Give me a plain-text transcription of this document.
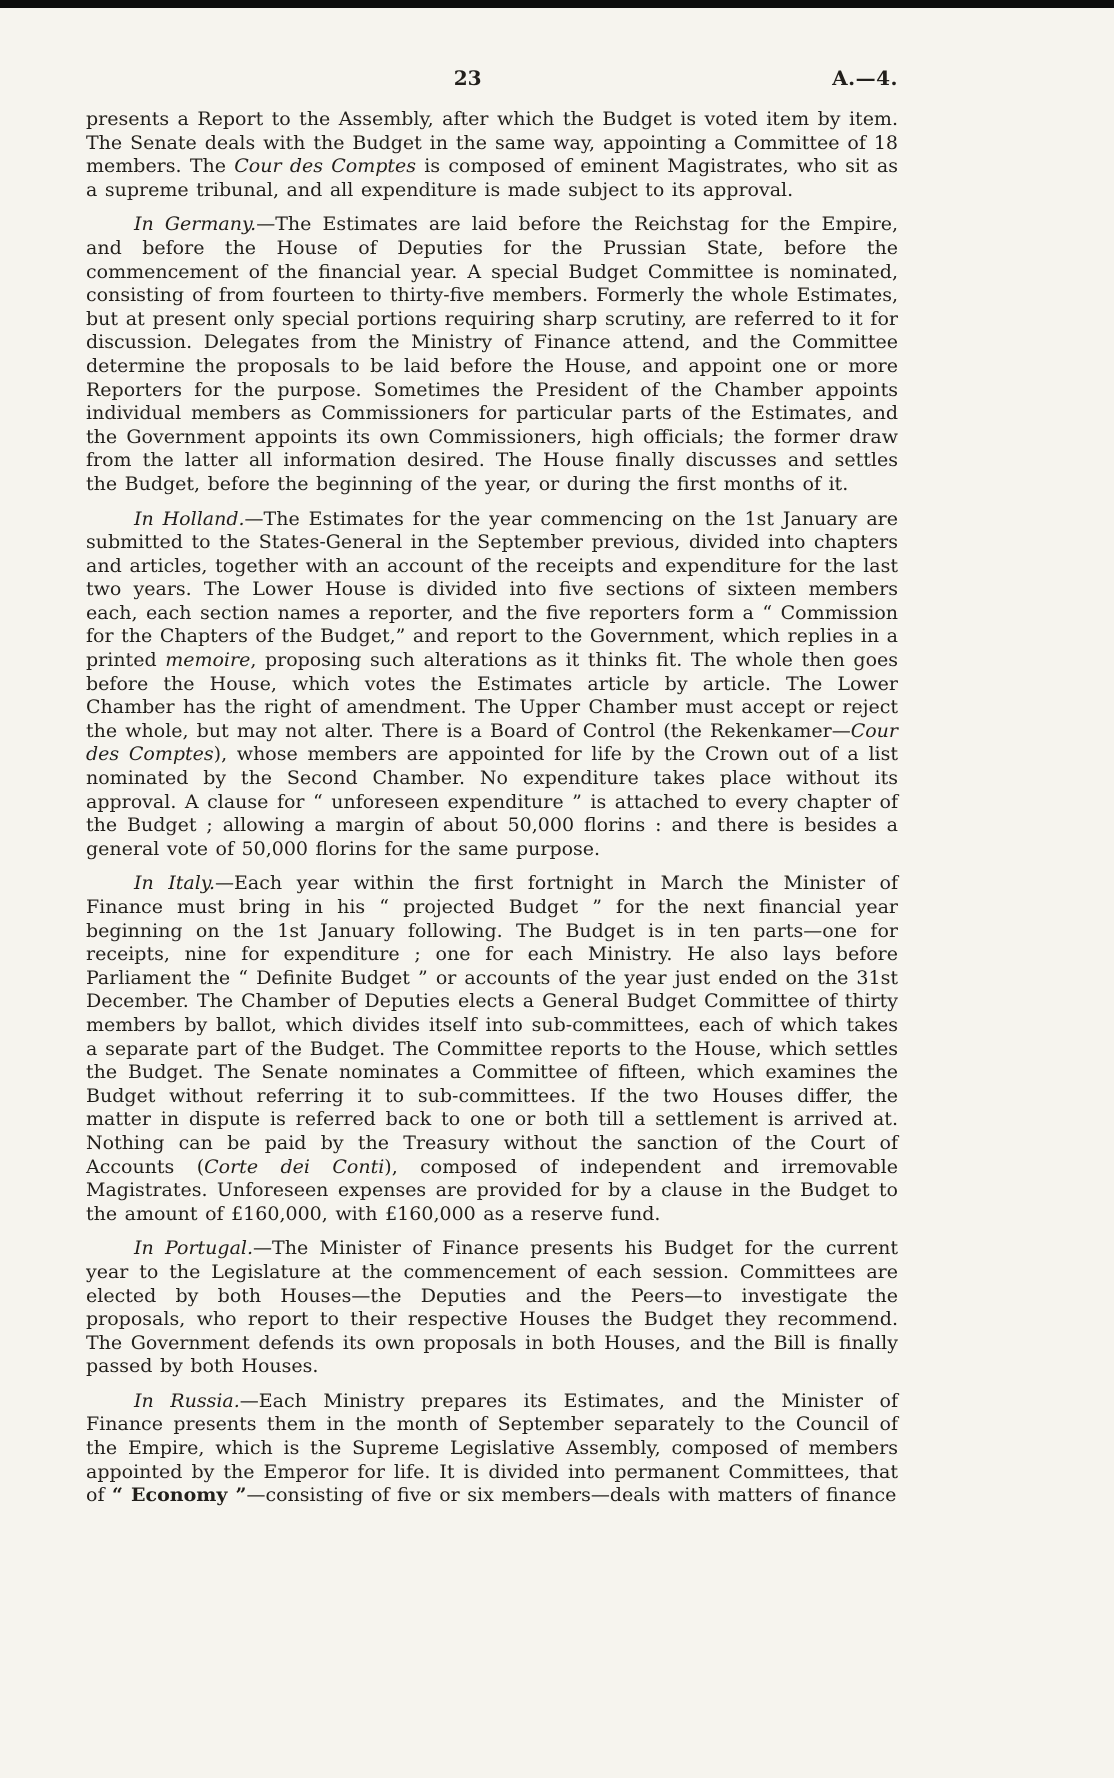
23	A.—4.

presents a Report to the Assembly, after which the Budget is voted item by item. The Senate deals with the Budget in the same way, appointing a Committee of 18 members. The Cour des Comptes is composed of eminent Magistrates, who sit as a supreme tribunal, and all expenditure is made subject to its approval.

In Germany.—The Estimates are laid before the Reichstag for the Empire, and before the House of Deputies for the Prussian State, before the commencement of the financial year. A special Budget Committee is nominated, consisting of from fourteen to thirty-five members. Formerly the whole Estimates, but at present only special portions requiring sharp scrutiny, are referred to it for discussion. Delegates from the Ministry of Finance attend, and the Committee determine the proposals to be laid before the House, and appoint one or more Reporters for the purpose. Sometimes the President of the Chamber appoints individual members as Commissioners for particular parts of the Estimates, and the Government appoints its own Commissioners, high officials; the former draw from the latter all information desired. The House finally discusses and settles the Budget, before the beginning of the year, or during the first months of it.

In Holland.—The Estimates for the year commencing on the 1st January are submitted to the States-General in the September previous, divided into chapters and articles, together with an account of the receipts and expenditure for the last two years. The Lower House is divided into five sections of sixteen members each, each section names a reporter, and the five reporters form a “ Commission for the Chapters of the Budget,” and report to the Government, which replies in a printed memoire, proposing such alterations as it thinks fit. The whole then goes before the House, which votes the Estimates article by article. The Lower Chamber has the right of amendment. The Upper Chamber must accept or reject the whole, but may not alter. There is a Board of Control (the Rekenkamer—Cour des Comptes), whose members are appointed for life by the Crown out of a list nominated by the Second Chamber. No expenditure takes place without its approval. A clause for “ unforeseen expenditure ” is attached to every chapter of the Budget ; allowing a margin of about 50,000 florins : and there is besides a general vote of 50,000 florins for the same purpose.

In Italy.—Each year within the first fortnight in March the Minister of Finance must bring in his “ projected Budget ” for the next financial year beginning on the 1st January following. The Budget is in ten parts—one for receipts, nine for expenditure ; one for each Ministry. He also lays before Parliament the “ Definite Budget ” or accounts of the year just ended on the 31st December. The Chamber of Deputies elects a General Budget Committee of thirty members by ballot, which divides itself into sub-committees, each of which takes a separate part of the Budget. The Committee reports to the House, which settles the Budget. The Senate nominates a Committee of fifteen, which examines the Budget without referring it to sub-committees. If the two Houses differ, the matter in dispute is referred back to one or both till a settlement is arrived at. Nothing can be paid by the Treasury without the sanction of the Court of Accounts (Corte dei Conti), composed of independent and irremovable Magistrates. Unforeseen expenses are provided for by a clause in the Budget to the amount of £160,000, with £160,000 as a reserve fund.

In Portugal.—The Minister of Finance presents his Budget for the current year to the Legislature at the commencement of each session. Committees are elected by both Houses—the Deputies and the Peers—to investigate the proposals, who report to their respective Houses the Budget they recommend. The Government defends its own proposals in both Houses, and the Bill is finally passed by both Houses.

In Russia.—Each Ministry prepares its Estimates, and the Minister of Finance presents them in the month of September separately to the Council of the Empire, which is the Supreme Legislative Assembly, composed of members appointed by the Emperor for life. It is divided into permanent Committees, that of “ Economy ”—consisting of five or six members—deals with matters of finance
